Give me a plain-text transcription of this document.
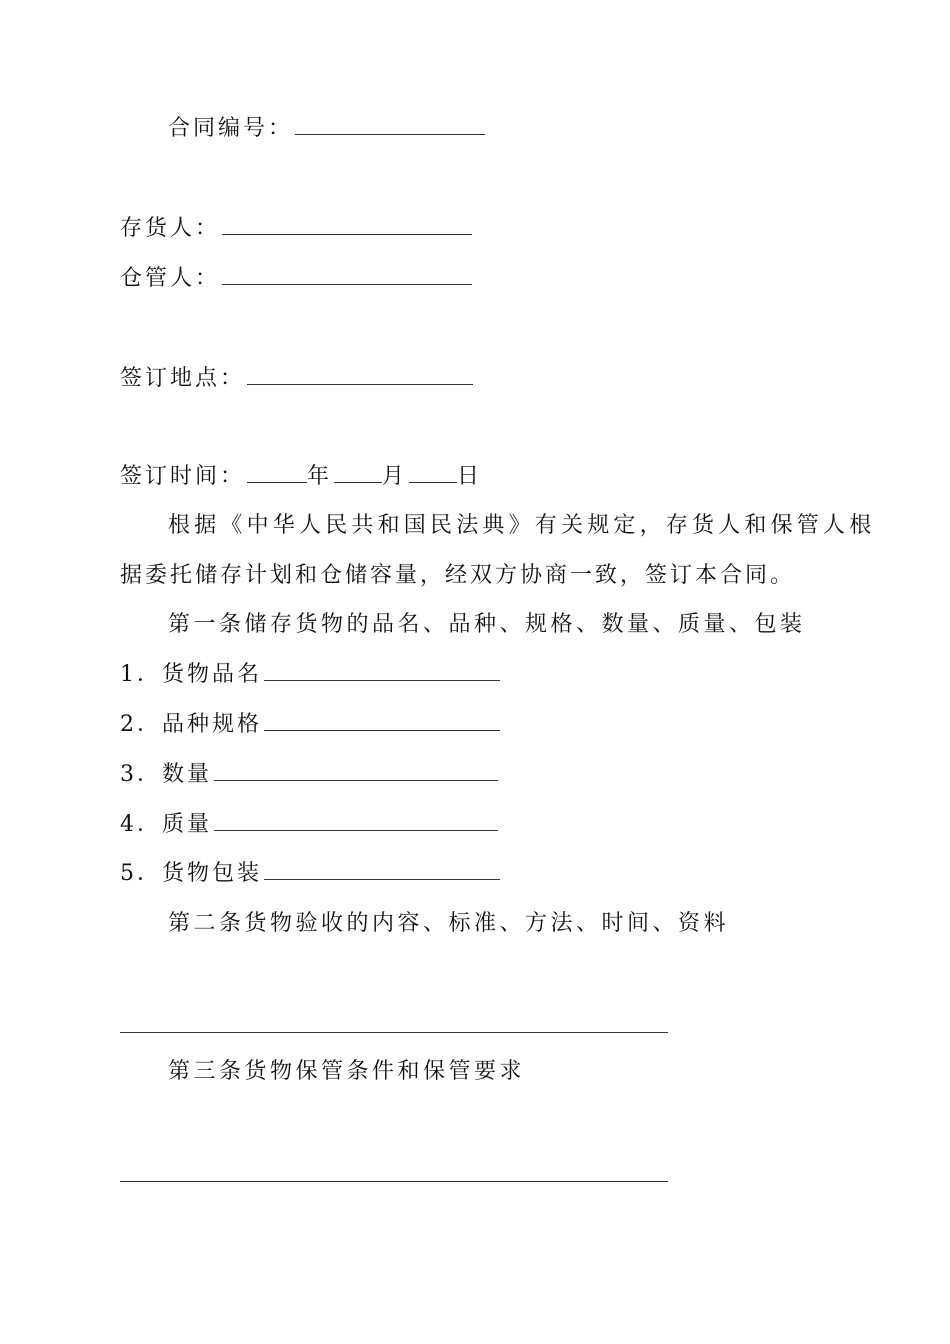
合同编号：
存货人：
仓管人：
签订地点：
签订时间：	年 月 日
根据《中华人民共和国民法典》有关规定，存货人和保管人根
据委托储存计划和仓储容量，经双方协商一致，签订本合同。
第一条储存货物的品名、品种、规格、数量、质量、包装
1．货物品名
2．品种规格
3．数量
4．质量
5．货物包装
第二条货物验收的内容、标准、方法、时间、资料
第三条货物保管条件和保管要求
